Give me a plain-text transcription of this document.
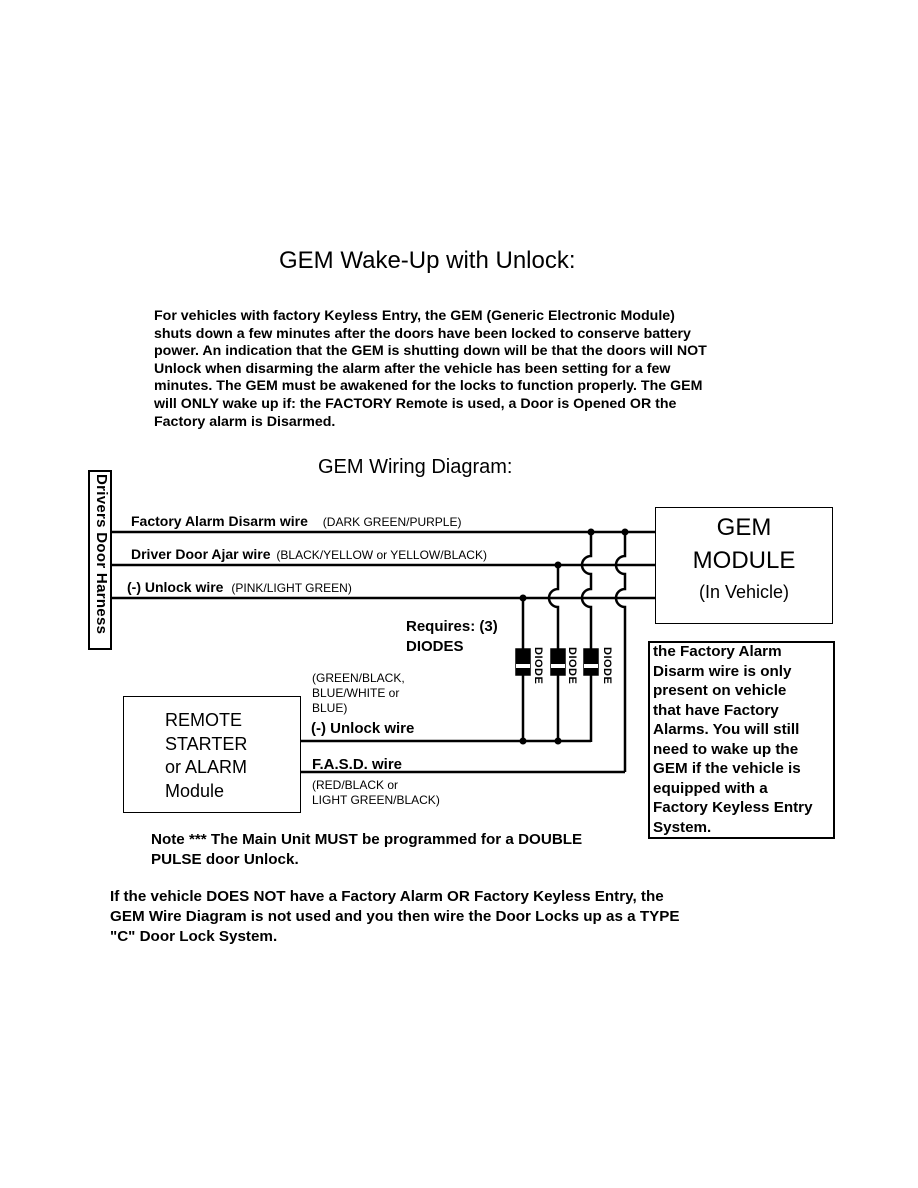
GEM Wake-Up with Unlock:

For vehicles with factory Keyless Entry, the GEM (Generic Electronic Module)

shuts down a few minutes after the doors have been locked to conserve battery

power. An indication that the GEM is shutting down will be that the doors will NOT

Unlock when disarming the alarm after the vehicle has been setting for a few

minutes. The GEM must be awakened for the locks to function properly. The GEM

will ONLY wake up if: the FACTORY Remote is used, a Door is Opened OR the

Factory alarm is Disarmed.

GEM Wiring Diagram:
Drivers Door Harness Factory Alarm Disarm wire (DARK GREEN/PURPLE)
Driver Door Ajar wire (BLACK/YELLOW or YELLOW/BLACK)
(-) Unlock wire (PINK/LIGHT GREEN)
GEM
MODULE
(In Vehicle)
Requires: (3)
DIODES
DIODE DIODE DIODE
(GREEN/BLACK,
BLUE/WHITE or
BLUE)
(-) Unlock wire
F.A.S.D. wire
(RED/BLACK or
LIGHT GREEN/BLACK)
REMOTE
STARTER
or ALARM
Module

the Factory Alarm

Disarm wire is only

present on vehicle

that have Factory

Alarms. You will still

need to wake up the

GEM if the vehicle is

equipped with a

Factory Keyless Entry

System.

Note *** The Main Unit MUST be programmed for a DOUBLE
PULSE door Unlock.
If the vehicle DOES NOT have a Factory Alarm OR Factory Keyless Entry, the
GEM Wire Diagram is not used and you then wire the Door Locks up as a TYPE
"C" Door Lock System.
